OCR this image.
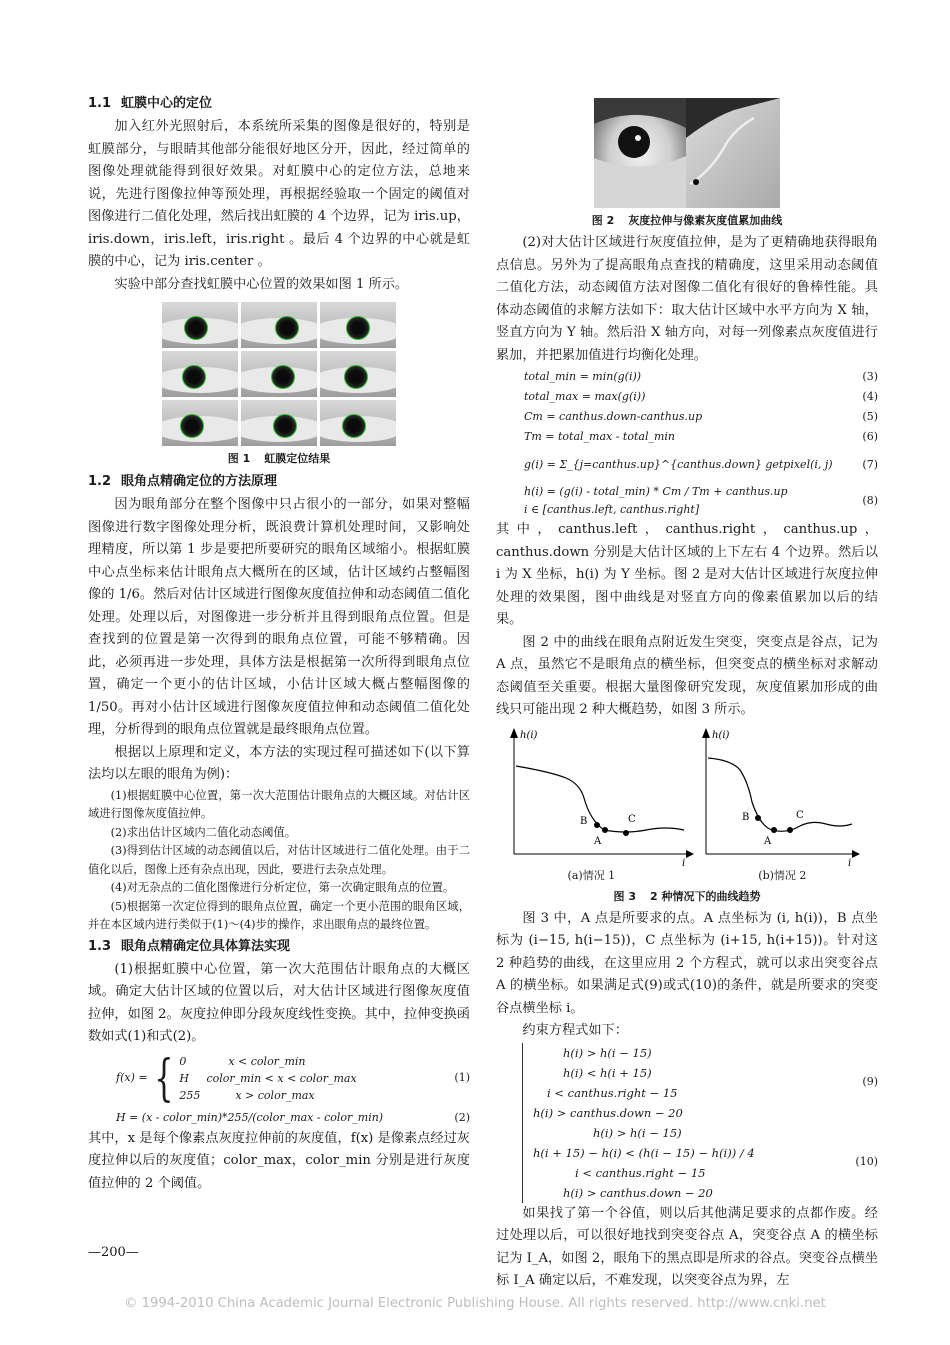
1.1 虹膜中心的定位

加入红外光照射后，本系统所采集的图像是很好的，特别是虹膜部分，与眼睛其他部分能很好地区分开，因此，经过简单的图像处理就能得到很好效果。对虹膜中心的定位方法，总地来说，先进行图像拉伸等预处理，再根据经验取一个固定的阈值对图像进行二值化处理，然后找出虹膜的 4 个边界，记为 iris.up，iris.down，iris.left，iris.right 。最后 4 个边界的中心就是虹膜的中心，记为 iris.center 。

实验中部分查找虹膜中心位置的效果如图 1 所示。

图 1 虹膜定位结果
1.2 眼角点精确定位的方法原理

因为眼角部分在整个图像中只占很小的一部分，如果对整幅图像进行数字图像处理分析，既浪费计算机处理时间，又影响处理精度，所以第 1 步是要把所要研究的眼角区域缩小。根据虹膜中心点坐标来估计眼角点大概所在的区域，估计区域约占整幅图像的 1/6。然后对估计区域进行图像灰度值拉伸和动态阈值二值化处理。处理以后，对图像进一步分析并且得到眼角点位置。但是查找到的位置是第一次得到的眼角点位置，可能不够精确。因此，必须再进一步处理，具体方法是根据第一次所得到眼角点位置，确定一个更小的估计区域，小估计区域大概占整幅图像的 1/50。再对小估计区域进行图像灰度值拉伸和动态阈值二值化处理，分析得到的眼角点位置就是最终眼角点位置。

根据以上原理和定义，本方法的实现过程可描述如下(以下算法均以左眼的眼角为例)：

(1)根据虹膜中心位置，第一次大范围估计眼角点的大概区域。对估计区域进行图像灰度值拉伸。

(2)求出估计区域内二值化动态阈值。

(3)得到估计区域的动态阈值以后，对估计区域进行二值化处理。由于二值化以后，图像上还有杂点出现，因此，要进行去杂点处理。

(4)对无杂点的二值化图像进行分析定位，第一次确定眼角点的位置。

(5)根据第一次定位得到的眼角点位置，确定一个更小范围的眼角区域，并在本区域内进行类似于(1)～(4)步的操作，求出眼角点的最终位置。

1.3 眼角点精确定位具体算法实现

(1)根据虹膜中心位置，第一次大范围估计眼角点的大概区域。确定大估计区域的位置以后，对大估计区域进行图像灰度值拉伸，如图 2。灰度拉伸即分段灰度线性变换。其中，拉伸变换函数如式(1)和式(2)。

f(x) = { 0            x < color_min
H     color_min < x < color_max
255          x > color_max
(1)
H = (x - color_min)*255/(color_max - color_min)	(2)

其中，x 是每个像素点灰度拉伸前的灰度值，f(x) 是像素点经过灰度拉伸以后的灰度值；color_max，color_min 分别是进行灰度值拉伸的 2 个阈值。

—200—
图 2 灰度拉伸与像素灰度值累加曲线

(2)对大估计区域进行灰度值拉伸，是为了更精确地获得眼角点信息。另外为了提高眼角点查找的精确度，这里采用动态阈值二值化方法，动态阈值方法对图像二值化有很好的鲁棒性能。具体动态阈值的求解方法如下：取大估计区域中水平方向为 X 轴，竖直方向为 Y 轴。然后沿 X 轴方向，对每一列像素点灰度值进行累加，并把累加值进行均衡化处理。

total_min = min(g(i))	(3)
total_max = max(g(i))	(4)
Cm = canthus.down-canthus.up	(5)
Tm = total_max - total_min	(6)
g(i) = Σ_{j=canthus.up}^{canthus.down} getpixel(i, j)	(7)
h(i) = (g(i) - total_min) * Cm / Tm + canthus.up
i ∈ [canthus.left, canthus.right]
(8)

其中，canthus.left，canthus.right，canthus.up，canthus.down 分别是大估计区域的上下左右 4 个边界。然后以 i 为 X 坐标，h(i) 为 Y 坐标。图 2 是对大估计区域进行灰度拉伸处理的效果图，图中曲线是对竖直方向的像素值累加以后的结果。

图 2 中的曲线在眼角点附近发生突变，突变点是谷点，记为 A 点，虽然它不是眼角点的横坐标，但突变点的横坐标对求解动态阈值至关重要。根据大量图像研究发现，灰度值累加形成的曲线只可能出现 2 种大概趋势，如图 3 所示。

h(i)
i
B
A
C
h(i)
i
B
A
C
(a)情况 1	(b)情况 2
图 3 2 种情况下的曲线趋势

图 3 中，A 点是所要求的点。A 点坐标为 (i, h(i))，B 点坐标为 (i−15, h(i−15))，C 点坐标为 (i+15, h(i+15))。针对这 2 种趋势的曲线，在这里应用 2 个方程式，就可以求出突变谷点 A 的横坐标。如果满足式(9)或式(10)的条件，就是所要求的突变谷点横坐标 i。

约束方程式如下：

h(i) > h(i − 15)
h(i) < h(i + 15)
i < canthus.right − 15
h(i) > canthus.down − 20
(9)
h(i) > h(i − 15)
h(i + 15) − h(i) < (h(i − 15) − h(i)) / 4
i < canthus.right − 15
h(i) > canthus.down − 20
(10)

如果找了第一个谷值，则以后其他满足要求的点都作废。经过处理以后，可以很好地找到突变谷点 A，突变谷点 A 的横坐标记为 I_A，如图 2，眼角下的黑点即是所求的谷点。突变谷点横坐标 I_A 确定以后，不难发现，以突变谷点为界，左

© 1994-2010 China Academic Journal Electronic Publishing House. All rights reserved. http://www.cnki.net
